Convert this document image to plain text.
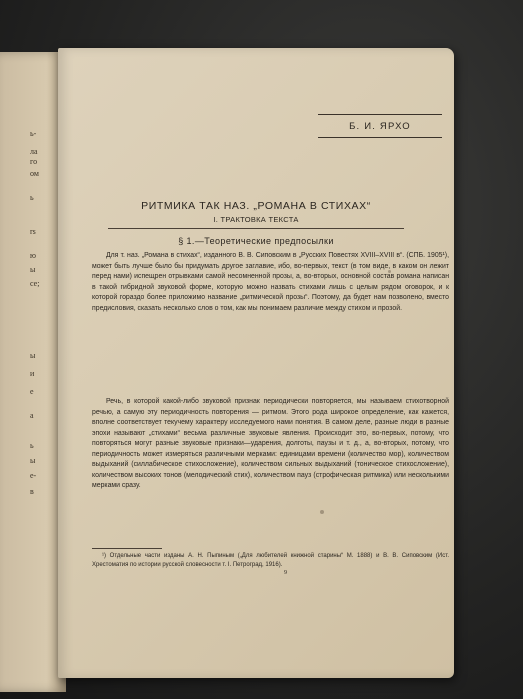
ь-
ла
го
ом
ь
rs
ю
ы
се;
ы
и
е
а
ь
ы
е-
в
Б. И. ЯРХО
РИТМИКА ТАК НАЗ. „РОМАНА В СТИХАХ“
I. ТРАКТОВКА ТЕКСТА
§ 1.—Теоретические предпосылки

Для т. наз. „Романа в стихах“, изданного В. В. Сиповским в „Русских Повестях XVIII–XVIII в“. (СПБ. 1905¹), может быть лучше было бы придумать другое заглавие, ибо, во-первых, текст (в том виде, в каком он лежит перед нами) испещрен отрывками самой несомненной прозы, а, во-вторых, основной состав романа написан в такой гибридной звуковой форме, которую можно назвать стихами лишь с целым рядом оговорок, и к которой гораздо более приложимо название „ритмической прозы“. Поэтому, да будет нам позволено, вместо предисловия, сказать несколько слов о том, как мы понимаем различие между стихом и прозой.

Речь, в которой какой-либо звуковой признак периодически повторяется, мы называем стихотворной речью, а самую эту периодичность повторения — ритмом. Этого рода широкое определение, как кажется, вполне соответствует текучему характеру исследуемого нами понятия. В самом деле, разные люди в разные эпохи называют „стихами“ весьма различные звуковые явления. Происходит это, во-первых, потому, что повторяться могут разные звуковые признаки—ударения, долготы, паузы и т. д., а, во-вторых, потому, что периодичность может измеряться различными мерками: единицами времени (количество мор), количеством выдыханий (силлабическое стихосложение), количеством сильных выдыханий (тоническое стихосложение), количеством высоких тонов (мелодический стих), количеством пауз (строфическая ритмика) или несколькими мерками сразу.

¹) Отдельные части изданы А. Н. Пыпиным („Для любителей книжной старины“ М. 1888) и В. В. Сиповским (Ист. Хрестоматия по истории русской словесности т. I. Петроград, 1916).

9
